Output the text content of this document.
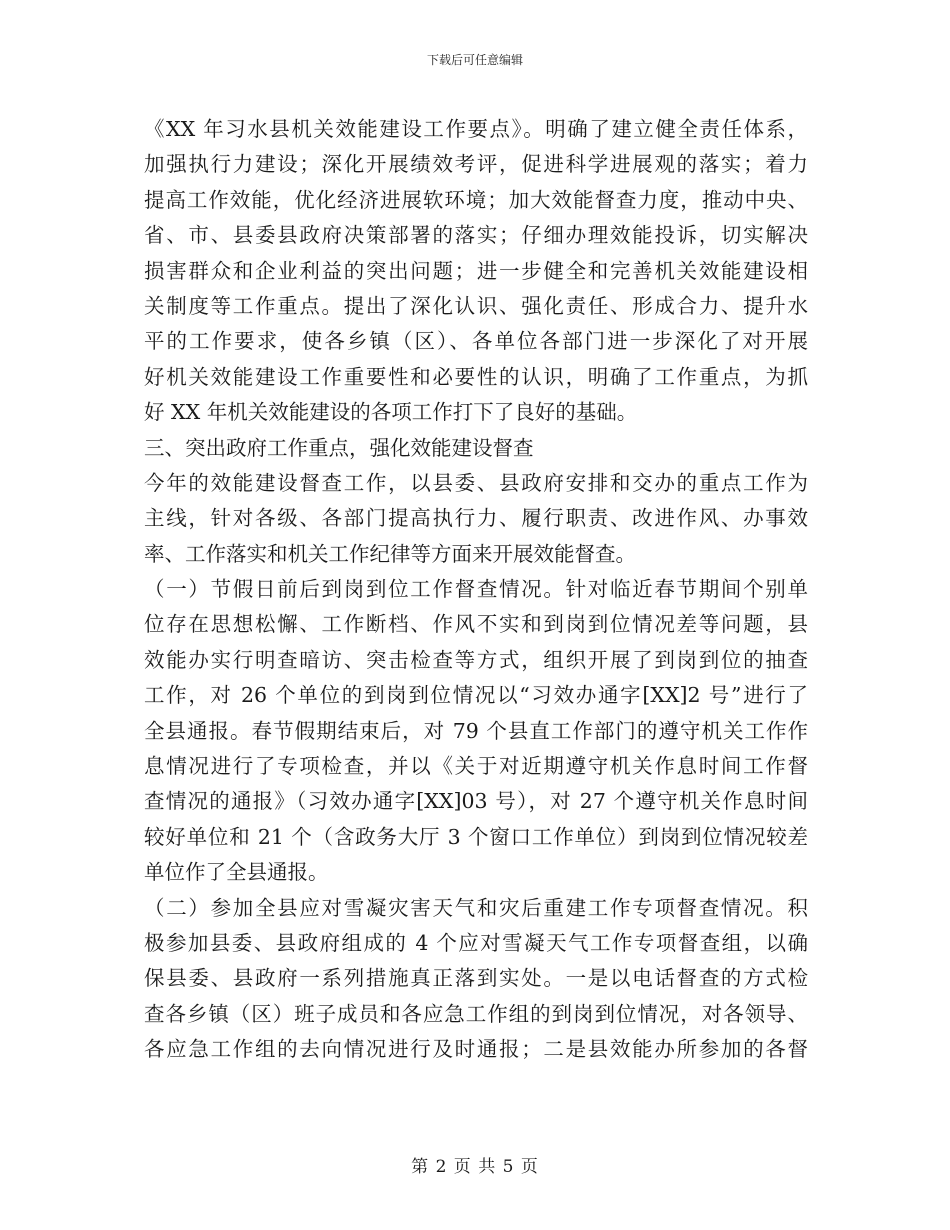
下载后可任意编辑
《XX 年习水县机关效能建设工作要点》。明确了建立健全责任体系，
加强执行力建设；深化开展绩效考评，促进科学进展观的落实；着力
提高工作效能，优化经济进展软环境；加大效能督查力度，推动中央、
省、市、县委县政府决策部署的落实；仔细办理效能投诉，切实解决
损害群众和企业利益的突出问题；进一步健全和完善机关效能建设相
关制度等工作重点。提出了深化认识、强化责任、形成合力、提升水
平的工作要求，使各乡镇（区）、各单位各部门进一步深化了对开展
好机关效能建设工作重要性和必要性的认识，明确了工作重点，为抓
好 XX 年机关效能建设的各项工作打下了良好的基础。
三、突出政府工作重点，强化效能建设督查
今年的效能建设督查工作，以县委、县政府安排和交办的重点工作为
主线，针对各级、各部门提高执行力、履行职责、改进作风、办事效
率、工作落实和机关工作纪律等方面来开展效能督查。
（一）节假日前后到岗到位工作督查情况。针对临近春节期间个别单
位存在思想松懈、工作断档、作风不实和到岗到位情况差等问题，县
效能办实行明查暗访、突击检查等方式，组织开展了到岗到位的抽查
工作，对 26 个单位的到岗到位情况以“习效办通字[XX]2 号”进行了
全县通报。春节假期结束后，对 79 个县直工作部门的遵守机关工作作
息情况进行了专项检查，并以《关于对近期遵守机关作息时间工作督
查情况的通报》（习效办通字[XX]03 号），对 27 个遵守机关作息时间
较好单位和 21 个（含政务大厅 3 个窗口工作单位）到岗到位情况较差
单位作了全县通报。
（二）参加全县应对雪凝灾害天气和灾后重建工作专项督查情况。积
极参加县委、县政府组成的 4 个应对雪凝天气工作专项督查组，以确
保县委、县政府一系列措施真正落到实处。一是以电话督查的方式检
查各乡镇（区）班子成员和各应急工作组的到岗到位情况，对各领导、
各应急工作组的去向情况进行及时通报；二是县效能办所参加的各督
第 2 页 共 5 页
